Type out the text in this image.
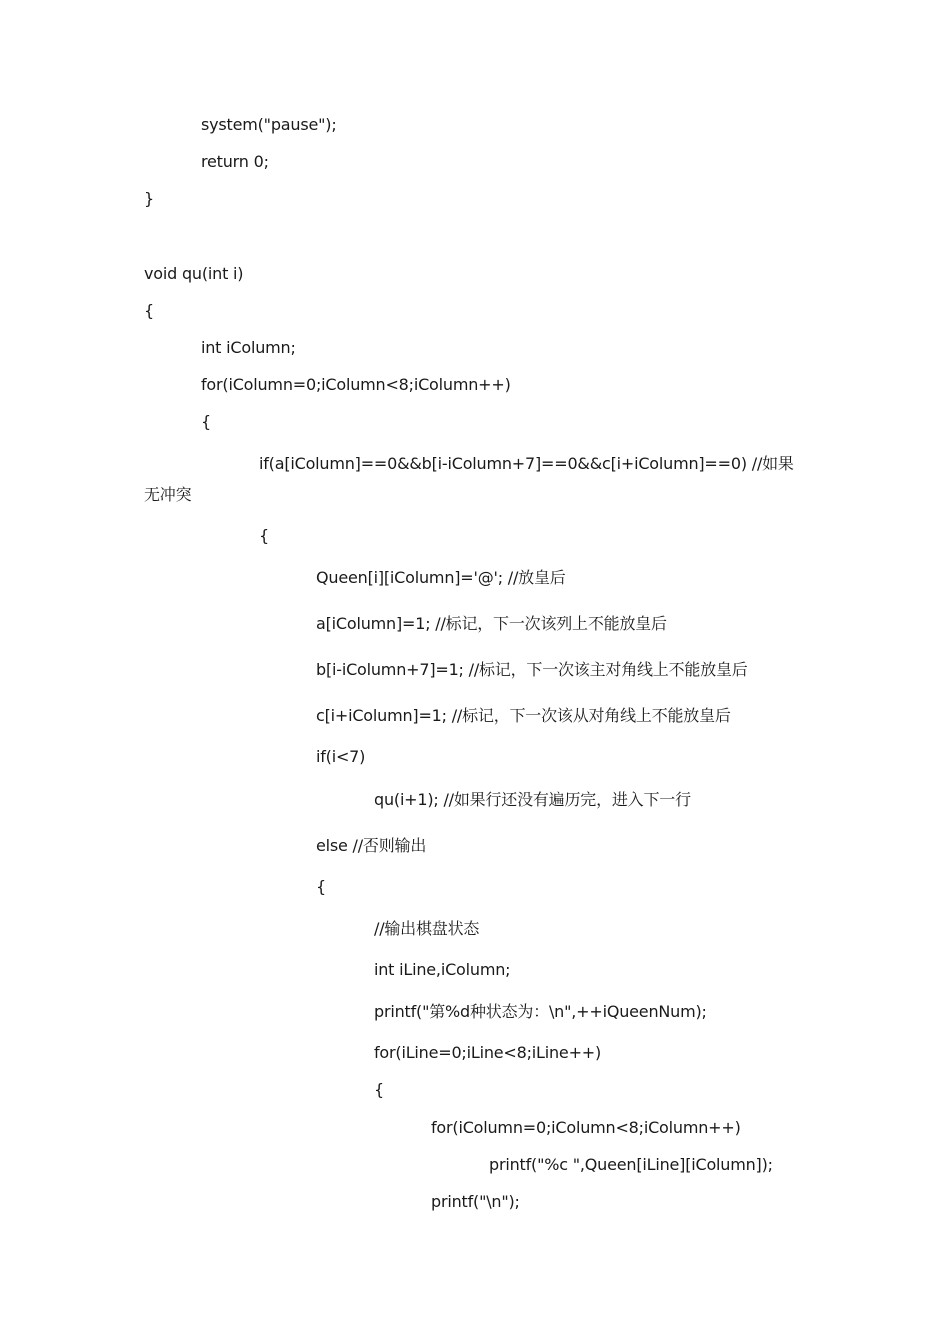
system("pause");
return 0;
}
void qu(int i)
{
int iColumn;
for(iColumn=0;iColumn<8;iColumn++)
{
if(a[iColumn]==0&&b[i-iColumn+7]==0&&c[i+iColumn]==0) //如果
无冲突
{
Queen[i][iColumn]='@'; //放皇后
a[iColumn]=1; //标记，下一次该列上不能放皇后
b[i-iColumn+7]=1; //标记，下一次该主对角线上不能放皇后
c[i+iColumn]=1; //标记，下一次该从对角线上不能放皇后
if(i<7)
qu(i+1); //如果行还没有遍历完，进入下一行
else //否则输出
{
//输出棋盘状态
int iLine,iColumn;
printf("第%d种状态为：\n",++iQueenNum);
for(iLine=0;iLine<8;iLine++)
{
for(iColumn=0;iColumn<8;iColumn++)
printf("%c ",Queen[iLine][iColumn]);
printf("\n");
